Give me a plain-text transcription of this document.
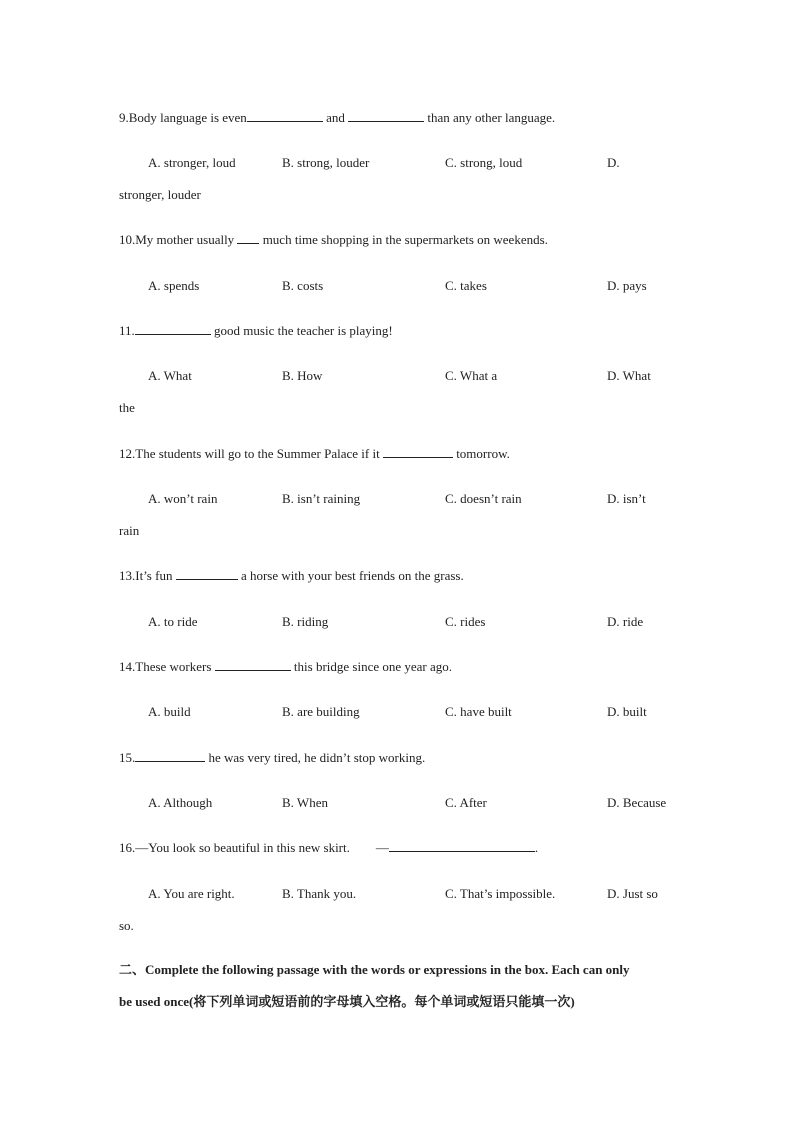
9.Body language is even	and	than any other language.
A. stronger, loud	B. strong, louder	C. strong, loud	D.
stronger, louder
10.My mother usually  much time shopping in the supermarkets on weekends.
A. spends	B. costs	C. takes	D. pays
11.	good music the teacher is playing!
A. What	B. How	C. What a	D. What
the
12.The students will go to the Summer Palace if it	tomorrow.
A. won’t rain	B. isn’t raining	C. doesn’t rain	D. isn’t
rain
13.It’s fun	a horse with your best friends on the grass.
A. to ride	B. riding	C. rides	D. ride
14.These workers	this bridge since one year ago.
A. build	B. are building	C. have built	D. built
15.	he was very tired, he didn’t stop working.
A. Although	B. When	C. After	D. Because
16.—You look so beautiful in this new skirt.        —	.
A. You are right.	B. Thank you.	C. That’s impossible.	D. Just so
so.
二、Complete the following passage with the words or expressions in the box. Each can only
be used once(将下列单词或短语前的字母填入空格。每个单词或短语只能填一次)
